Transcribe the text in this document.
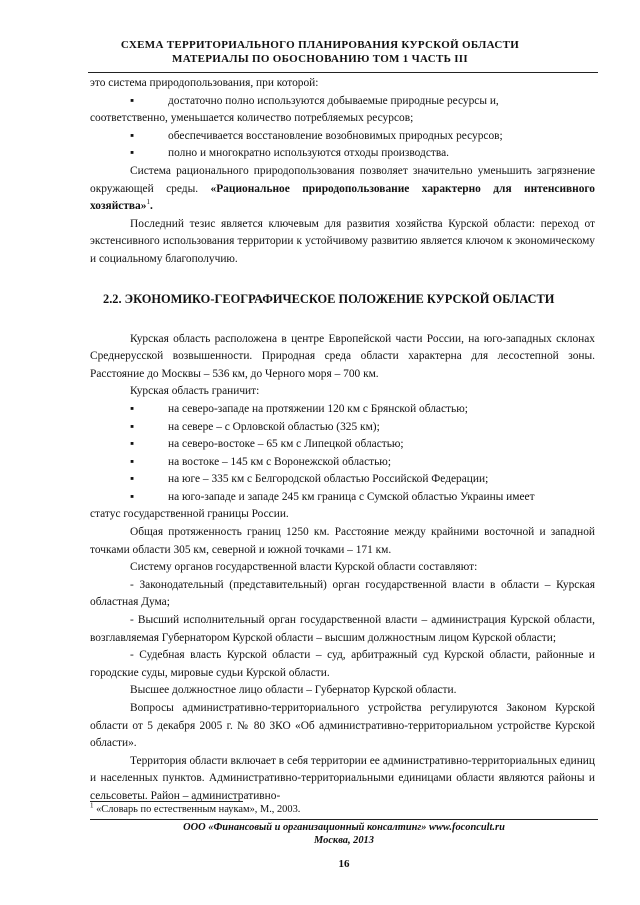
СХЕМА ТЕРРИТОРИАЛЬНОГО ПЛАНИРОВАНИЯ КУРСКОЙ ОБЛАСТИ
МАТЕРИАЛЫ ПО ОБОСНОВАНИЮ ТОМ 1 ЧАСТЬ III

это система природопользования, при которой:

▪	достаточно полно используются добываемые природные ресурсы и,
соответственно, уменьшается количество потребляемых ресурсов;
▪	обеспечивается восстановление возобновимых природных ресурсов;
▪	полно и многократно используются отходы производства.

Система рационального природопользования позволяет значительно уменьшить загрязнение окружающей среды. «Рациональное природопользование характерно для интенсивного хозяйства»$^1$.

Последний тезис является ключевым для развития хозяйства Курской области: переход от экстенсивного использования территории к устойчивому развитию является ключом к экономическому и социальному благополучию.

2.2. ЭКОНОМИКО-ГЕОГРАФИЧЕСКОЕ ПОЛОЖЕНИЕ КУРСКОЙ ОБЛАСТИ

Курская область расположена в центре Европейской части России, на юго-западных склонах Среднерусской возвышенности. Природная среда области характерна для лесостепной зоны. Расстояние до Москвы – 536 км, до Черного моря – 700 км.

Курская область граничит:

▪	на северо-западе на протяжении 120 км с Брянской областью;
▪	на севере – с Орловской областью (325 км);
▪	на северо-востоке – 65 км с Липецкой областью;
▪	на востоке – 145 км с Воронежской областью;
▪	на юге – 335 км с Белгородской областью Российской Федерации;
▪	на юго-западе и западе 245 км граница с Сумской областью Украины имеет
статус государственной границы России.

Общая протяженность границ 1250 км. Расстояние между крайними восточной и западной точками области 305 км, северной и южной точками – 171 км.

Систему органов государственной власти Курской области составляют:

- Законодательный (представительный) орган государственной власти в области – Курская областная Дума;

- Высший исполнительный орган государственной власти – администрация Курской области, возглавляемая Губернатором Курской области – высшим должностным лицом Курской области;

- Судебная власть Курской области – суд, арбитражный суд Курской области, районные и городские суды, мировые судьи Курской области.

Высшее должностное лицо области – Губернатор Курской области.

Вопросы административно-территориального устройства регулируются Законом Курской области от 5 декабря 2005 г. № 80 ЗКО «Об административно-территориальном устройстве Курской области».

Территория области включает в себя территории ее административно-территориальных единиц и населенных пунктов. Административно-территориальными единицами области являются районы и сельсоветы. Район – административно-

$^1$ «Словарь по естественным наукам», М., 2003.
ООО «Финансовый и организационный консалтинг» www.foconcult.ru
Москва, 2013
16
